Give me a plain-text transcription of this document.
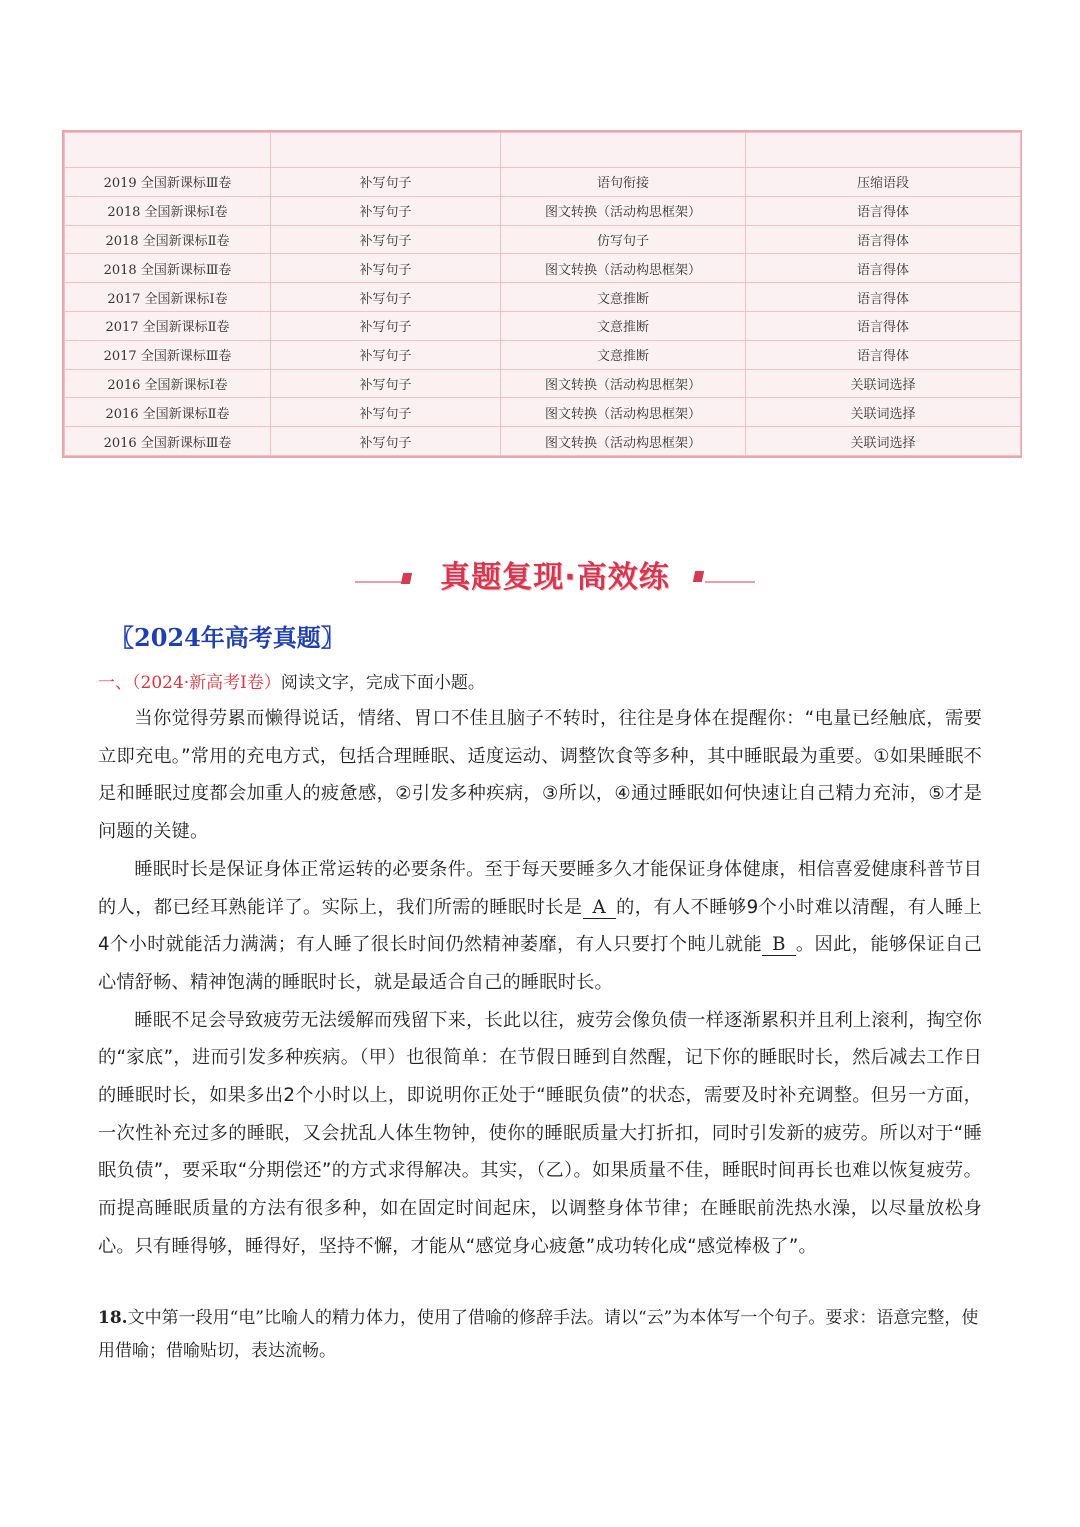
2019 全国新课标Ⅲ卷	补写句子	语句衔接	压缩语段
2018 全国新课标Ⅰ卷	补写句子	图文转换（活动构思框架）	语言得体
2018 全国新课标Ⅱ卷	补写句子	仿写句子	语言得体
2018 全国新课标Ⅲ卷	补写句子	图文转换（活动构思框架）	语言得体
2017 全国新课标Ⅰ卷	补写句子	文意推断	语言得体
2017 全国新课标Ⅱ卷	补写句子	文意推断	语言得体
2017 全国新课标Ⅲ卷	补写句子	文意推断	语言得体
2016 全国新课标Ⅰ卷	补写句子	图文转换（活动构思框架）	关联词选择
2016 全国新课标Ⅱ卷	补写句子	图文转换（活动构思框架）	关联词选择
2016 全国新课标Ⅲ卷	补写句子	图文转换（活动构思框架）	关联词选择
真题复现·高效练
〖2024年高考真题〗
一、（2024·新高考Ⅰ卷）阅读文字，完成下面小题。

当你觉得劳累而懒得说话，情绪、胃口不佳且脑子不转时，往往是身体在提醒你：“电量已经触底，需要立即充电。”常用的充电方式，包括合理睡眠、适度运动、调整饮食等多种，其中睡眠最为重要。①如果睡眠不足和睡眠过度都会加重人的疲惫感，②引发多种疾病，③所以，④通过睡眠如何快速让自己精力充沛，⑤才是问题的关键。

睡眠时长是保证身体正常运转的必要条件。至于每天要睡多久才能保证身体健康，相信喜爱健康科普节目的人，都已经耳熟能详了。实际上，我们所需的睡眠时长是 A 的，有人不睡够9个小时难以清醒，有人睡上4个小时就能活力满满；有人睡了很长时间仍然精神萎靡，有人只要打个盹儿就能 B 。因此，能够保证自己心情舒畅、精神饱满的睡眠时长，就是最适合自己的睡眠时长。

睡眠不足会导致疲劳无法缓解而残留下来，长此以往，疲劳会像负债一样逐渐累积并且利上滚利，掏空你的“家底”，进而引发多种疾病。（甲）也很简单：在节假日睡到自然醒，记下你的睡眠时长，然后减去工作日的睡眠时长，如果多出2个小时以上，即说明你正处于“睡眠负债”的状态，需要及时补充调整。但另一方面，一次性补充过多的睡眠，又会扰乱人体生物钟，使你的睡眠质量大打折扣，同时引发新的疲劳。所以对于“睡眠负债”，要采取“分期偿还”的方式求得解决。其实，（乙）。如果质量不佳，睡眠时间再长也难以恢复疲劳。而提高睡眠质量的方法有很多种，如在固定时间起床，以调整身体节律；在睡眠前洗热水澡，以尽量放松身心。只有睡得够，睡得好，坚持不懈，才能从“感觉身心疲惫”成功转化成“感觉棒极了”。

18.文中第一段用“电”比喻人的精力体力，使用了借喻的修辞手法。请以“云”为本体写一个句子。要求：语意完整，使用借喻；借喻贴切，表达流畅。
